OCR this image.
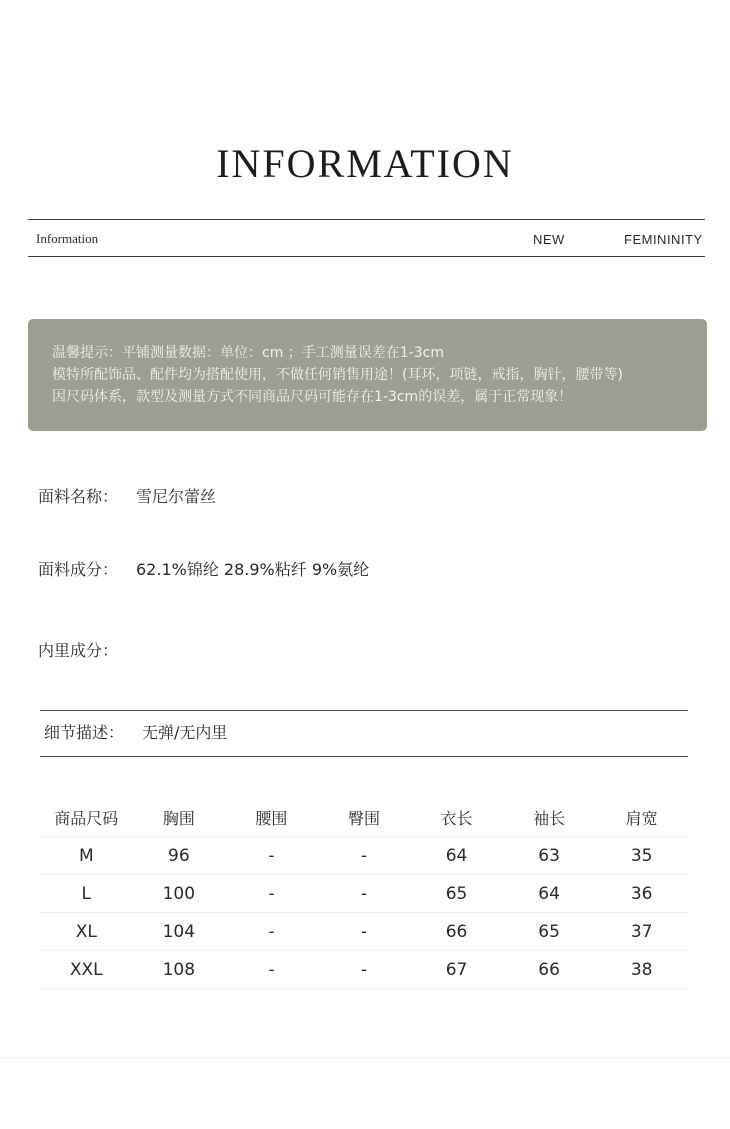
INFORMATION
Information	NEW	FEMININITY
温馨提示：平铺测量数据：单位：cm ；手工测量误差在1-3cm
模特所配饰品、配件均为搭配使用，不做任何销售用途！(耳环，项链，戒指，胸针，腰带等)
因尺码体系，款型及测量方式不同商品尺码可能存在1-3cm的误差，属于正常现象！
面料名称： 雪尼尔蕾丝
面料成分： 62.1%锦纶 28.9%粘纤 9%氨纶
内里成分：
细节描述： 无弹/无内里
商品尺码	胸围	腰围	臀围	衣长	袖长	肩宽
M	96	-	-	64	63	35
L	100	-	-	65	64	36
XL	104	-	-	66	65	37
XXL	108	-	-	67	66	38
